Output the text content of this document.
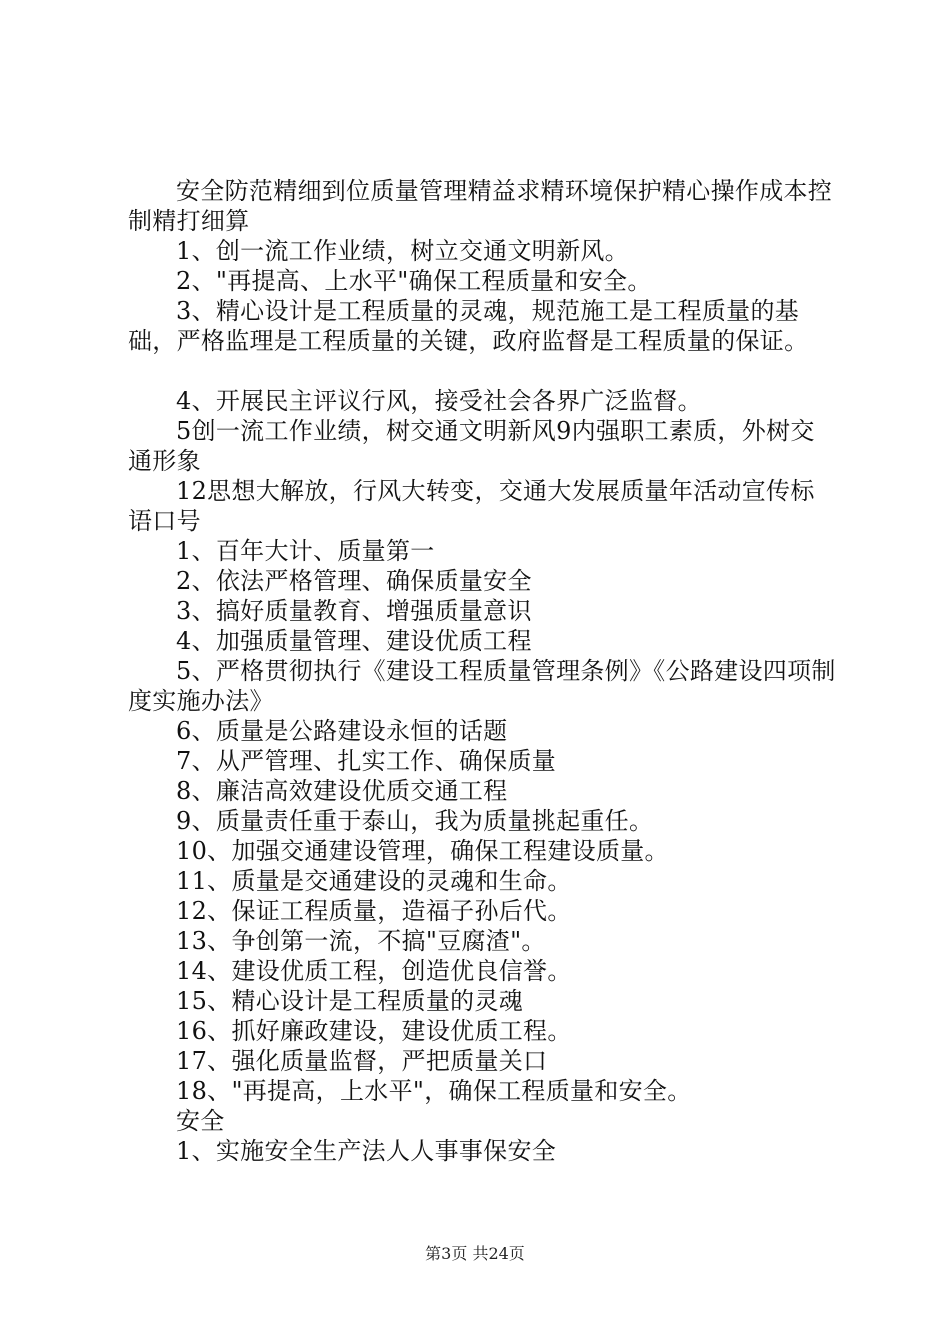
安全防范精细到位质量管理精益求精环境保护精心操作成本控制精打细算

1、创一流工作业绩，树立交通文明新风。

2、"再提高、上水平"确保工程质量和安全。

3、精心设计是工程质量的灵魂，规范施工是工程质量的基础，严格监理是工程质量的关键，政府监督是工程质量的保证。

4、开展民主评议行风，接受社会各界广泛监督。

5创一流工作业绩，树交通文明新风9内强职工素质，外树交通形象

12思想大解放，行风大转变，交通大发展质量年活动宣传标语口号

1、百年大计、质量第一

2、依法严格管理、确保质量安全

3、搞好质量教育、增强质量意识

4、加强质量管理、建设优质工程

5、严格贯彻执行《建设工程质量管理条例》《公路建设四项制度实施办法》

6、质量是公路建设永恒的话题

7、从严管理、扎实工作、确保质量

8、廉洁高效建设优质交通工程

9、质量责任重于泰山，我为质量挑起重任。

10、加强交通建设管理，确保工程建设质量。

11、质量是交通建设的灵魂和生命。

12、保证工程质量，造福子孙后代。

13、争创第一流，不搞"豆腐渣"。

14、建设优质工程，创造优良信誉。

15、精心设计是工程质量的灵魂

16、抓好廉政建设，建设优质工程。

17、强化质量监督，严把质量关口

18、"再提高，上水平"，确保工程质量和安全。

安全

1、实施安全生产法人人事事保安全

第3页 共24页
